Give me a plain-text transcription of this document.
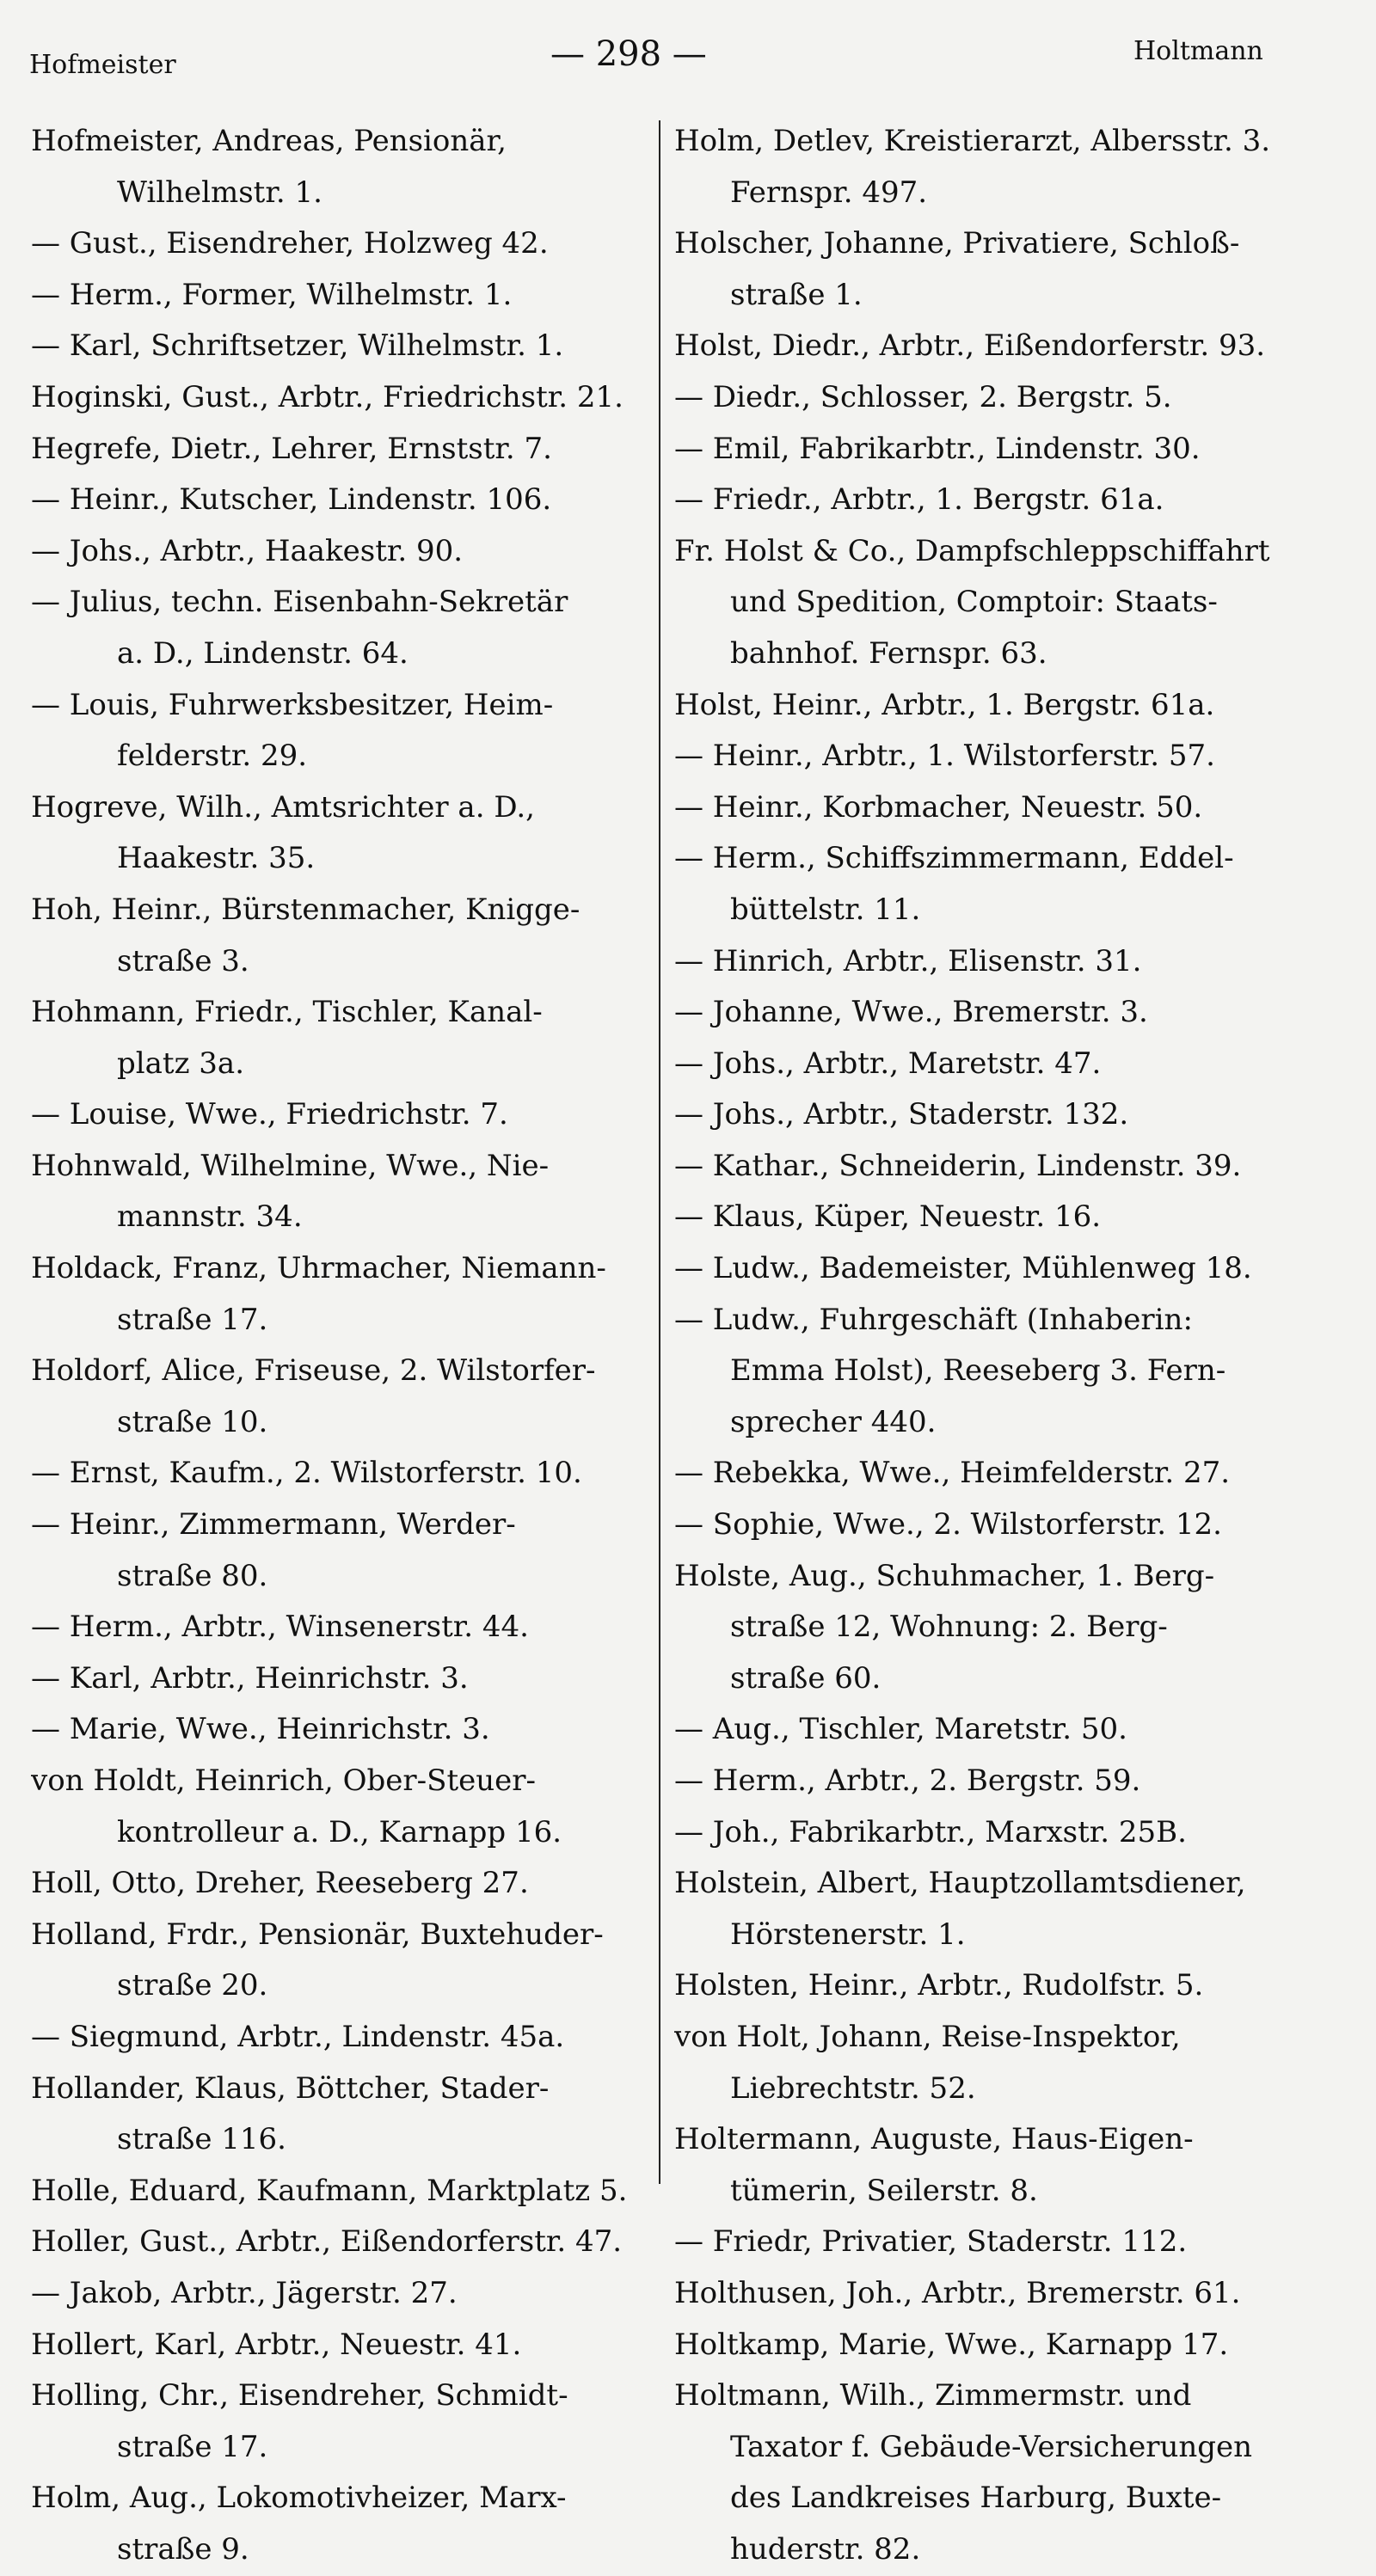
Hofmeister	— 298 —	Holtmann
Hofmeister, Andreas, Pensionär,
Wilhelmstr. 1.
— Gust., Eisendreher, Holzweg 42.
— Herm., Former, Wilhelmstr. 1.
— Karl, Schriftsetzer, Wilhelmstr. 1.
Hoginski, Gust., Arbtr., Friedrichstr. 21.
Hegrefe, Dietr., Lehrer, Ernststr. 7.
— Heinr., Kutscher, Lindenstr. 106.
— Johs., Arbtr., Haakestr. 90.
— Julius, techn. Eisenbahn-Sekretär
a. D., Lindenstr. 64.
— Louis, Fuhrwerksbesitzer, Heim-
felderstr. 29.
Hogreve, Wilh., Amtsrichter a. D.,
Haakestr. 35.
Hoh, Heinr., Bürstenmacher, Knigge-
straße 3.
Hohmann, Friedr., Tischler, Kanal-
platz 3a.
— Louise, Wwe., Friedrichstr. 7.
Hohnwald, Wilhelmine, Wwe., Nie-
mannstr. 34.
Holdack, Franz, Uhrmacher, Niemann-
straße 17.
Holdorf, Alice, Friseuse, 2. Wilstorfer-
straße 10.
— Ernst, Kaufm., 2. Wilstorferstr. 10.
— Heinr., Zimmermann, Werder-
straße 80.
— Herm., Arbtr., Winsenerstr. 44.
— Karl, Arbtr., Heinrichstr. 3.
— Marie, Wwe., Heinrichstr. 3.
von Holdt, Heinrich, Ober-Steuer-
kontrolleur a. D., Karnapp 16.
Holl, Otto, Dreher, Reeseberg 27.
Holland, Frdr., Pensionär, Buxtehuder-
straße 20.
— Siegmund, Arbtr., Lindenstr. 45a.
Hollander, Klaus, Böttcher, Stader-
straße 116.
Holle, Eduard, Kaufmann, Marktplatz 5.
Holler, Gust., Arbtr., Eißendorferstr. 47.
— Jakob, Arbtr., Jägerstr. 27.
Hollert, Karl, Arbtr., Neuestr. 41.
Holling, Chr., Eisendreher, Schmidt-
straße 17.
Holm, Aug., Lokomotivheizer, Marx-
straße 9.
Holm, Detlev, Kreistierarzt, Albersstr. 3.
Fernspr. 497.
Holscher, Johanne, Privatiere, Schloß-
straße 1.
Holst, Diedr., Arbtr., Eißendorferstr. 93.
— Diedr., Schlosser, 2. Bergstr. 5.
— Emil, Fabrikarbtr., Lindenstr. 30.
— Friedr., Arbtr., 1. Bergstr. 61a.
Fr. Holst & Co., Dampfschleppschiffahrt
und Spedition, Comptoir: Staats-
bahnhof. Fernspr. 63.
Holst, Heinr., Arbtr., 1. Bergstr. 61a.
— Heinr., Arbtr., 1. Wilstorferstr. 57.
— Heinr., Korbmacher, Neuestr. 50.
— Herm., Schiffszimmermann, Eddel-
büttelstr. 11.
— Hinrich, Arbtr., Elisenstr. 31.
— Johanne, Wwe., Bremerstr. 3.
— Johs., Arbtr., Maretstr. 47.
— Johs., Arbtr., Staderstr. 132.
— Kathar., Schneiderin, Lindenstr. 39.
— Klaus, Küper, Neuestr. 16.
— Ludw., Bademeister, Mühlenweg 18.
— Ludw., Fuhrgeschäft (Inhaberin:
Emma Holst), Reeseberg 3. Fern-
sprecher 440.
— Rebekka, Wwe., Heimfelderstr. 27.
— Sophie, Wwe., 2. Wilstorferstr. 12.
Holste, Aug., Schuhmacher, 1. Berg-
straße 12, Wohnung: 2. Berg-
straße 60.
— Aug., Tischler, Maretstr. 50.
— Herm., Arbtr., 2. Bergstr. 59.
— Joh., Fabrikarbtr., Marxstr. 25B.
Holstein, Albert, Hauptzollamtsdiener,
Hörstenerstr. 1.
Holsten, Heinr., Arbtr., Rudolfstr. 5.
von Holt, Johann, Reise-Inspektor,
Liebrechtstr. 52.
Holtermann, Auguste, Haus-Eigen-
tümerin, Seilerstr. 8.
— Friedr, Privatier, Staderstr. 112.
Holthusen, Joh., Arbtr., Bremerstr. 61.
Holtkamp, Marie, Wwe., Karnapp 17.
Holtmann, Wilh., Zimmermstr. und
Taxator f. Gebäude-Versicherungen
des Landkreises Harburg, Buxte-
huderstr. 82.
